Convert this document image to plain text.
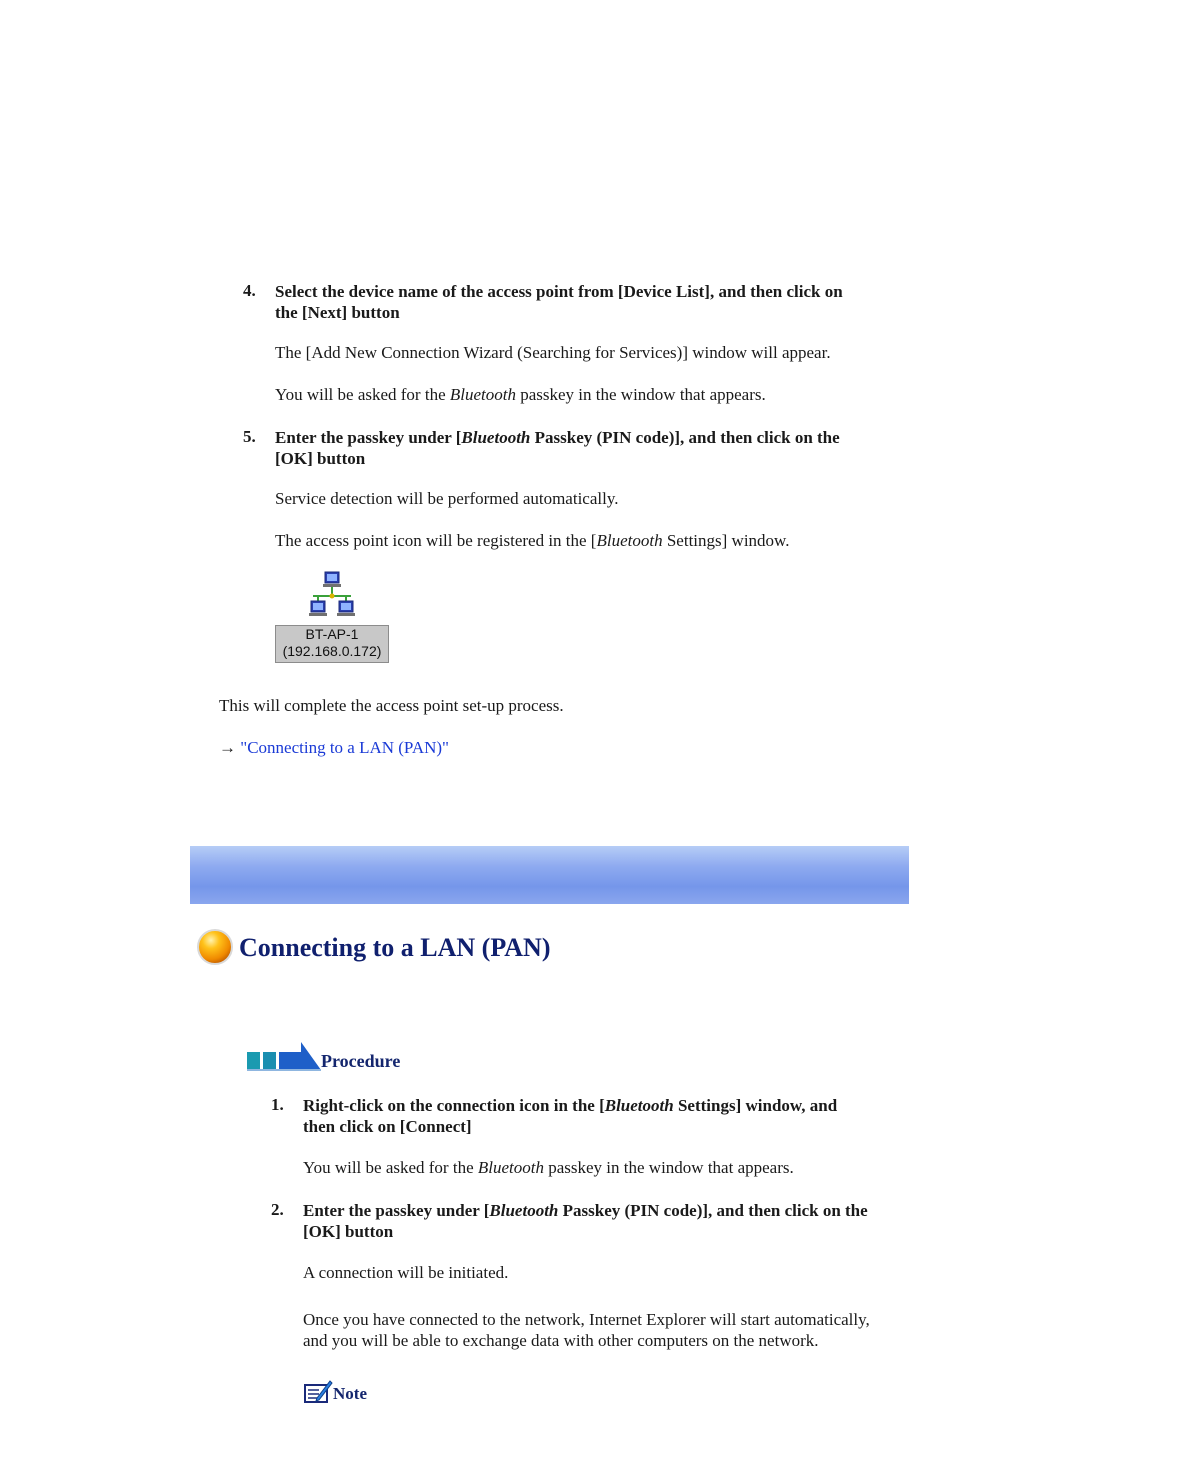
4. Select the device name of the access point from [Device List], and then click on
the [Next] button
The [Add New Connection Wizard (Searching for Services)] window will appear.
You will be asked for the Bluetooth passkey in the window that appears.
5. Enter the passkey under [Bluetooth Passkey (PIN code)], and then click on the
[OK] button
Service detection will be performed automatically.
The access point icon will be registered in the [Bluetooth Settings] window.
BT-AP-1
(192.168.0.172)
This will complete the access point set-up process.
→ "Connecting to a LAN (PAN)"
Connecting to a LAN (PAN)
Procedure
1. Right-click on the connection icon in the [Bluetooth Settings] window, and
then click on [Connect]
You will be asked for the Bluetooth passkey in the window that appears.
2. Enter the passkey under [Bluetooth Passkey (PIN code)], and then click on the
[OK] button
A connection will be initiated.
Once you have connected to the network, Internet Explorer will start automatically,
and you will be able to exchange data with other computers on the network.
Note
